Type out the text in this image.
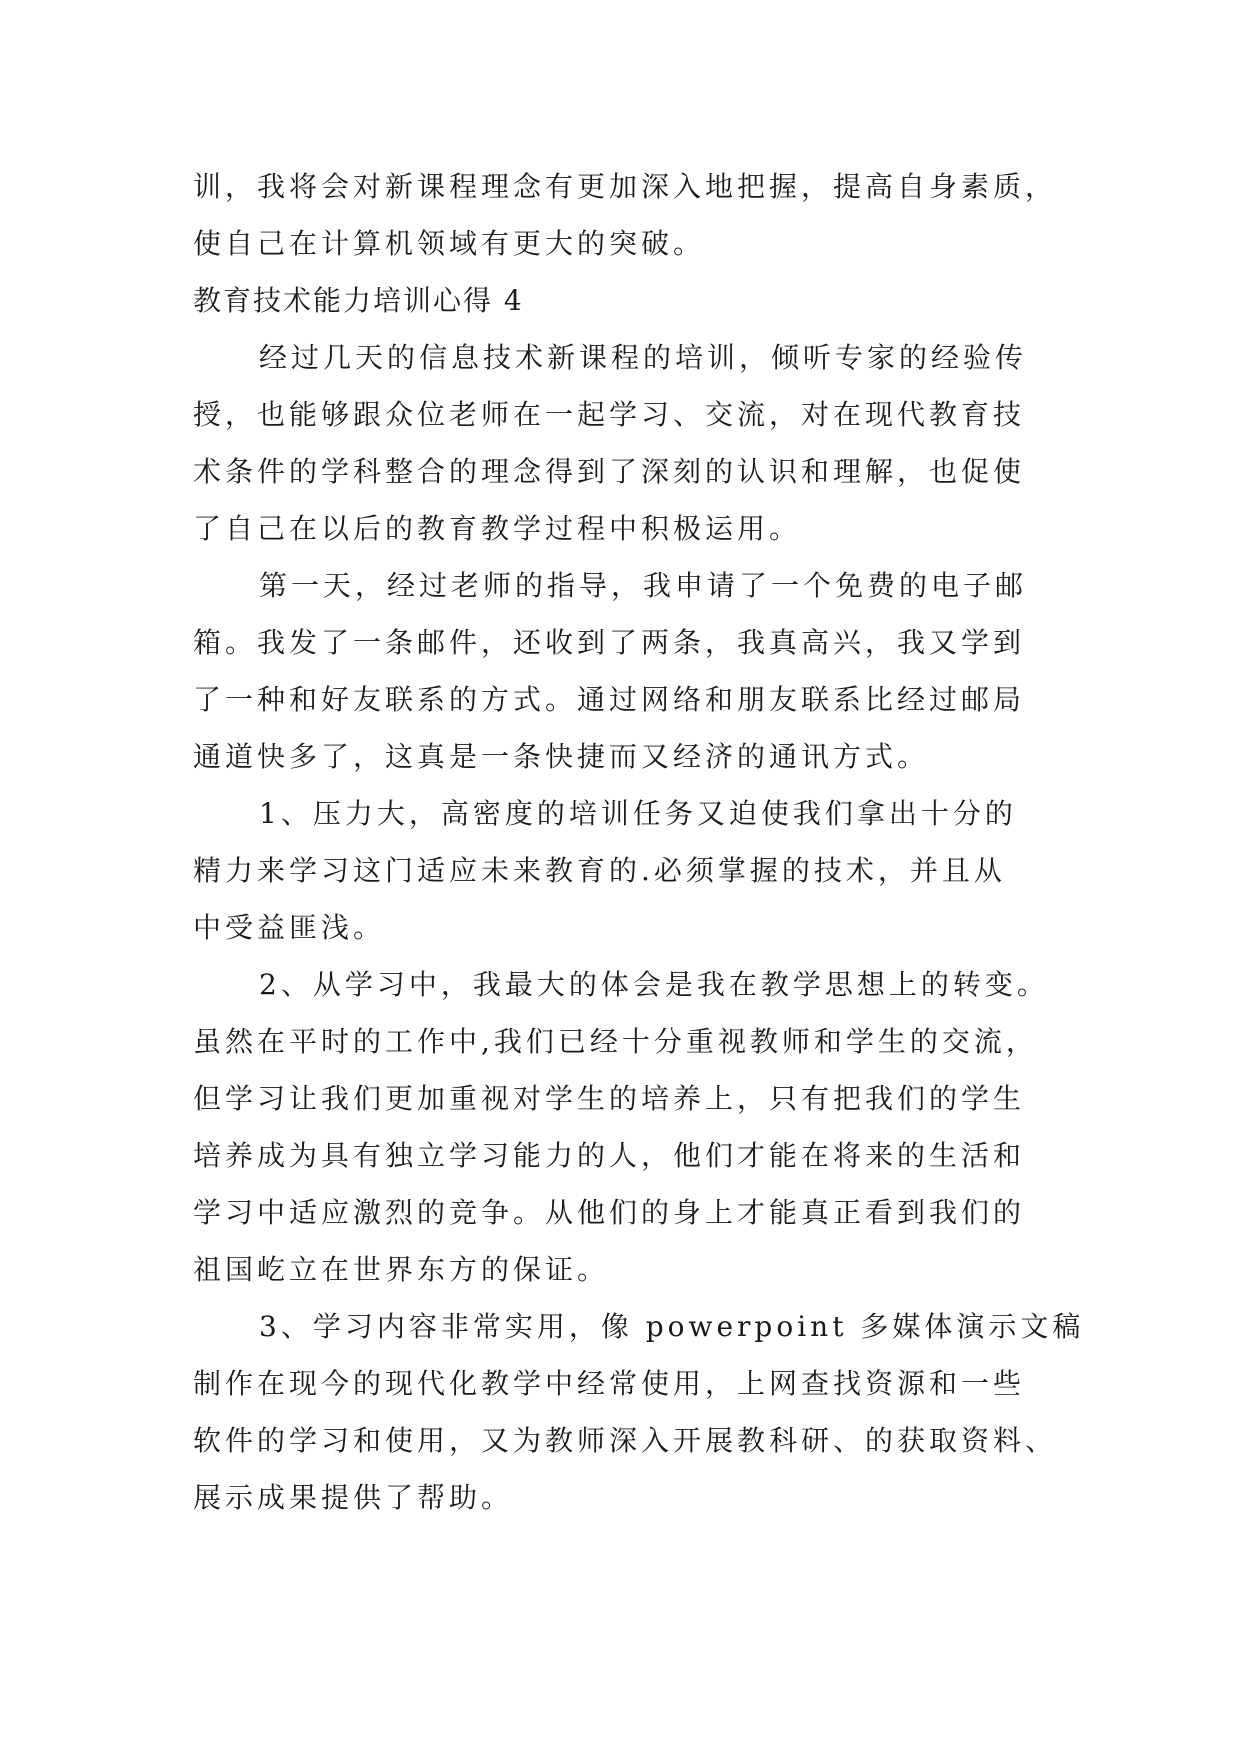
训，我将会对新课程理念有更加深入地把握，提高自身素质，
使自己在计算机领域有更大的突破。
教育技术能力培训心得 4
经过几天的信息技术新课程的培训，倾听专家的经验传
授，也能够跟众位老师在一起学习、交流，对在现代教育技
术条件的学科整合的理念得到了深刻的认识和理解，也促使
了自己在以后的教育教学过程中积极运用。
第一天，经过老师的指导，我申请了一个免费的电子邮
箱。我发了一条邮件，还收到了两条，我真高兴，我又学到
了一种和好友联系的方式。通过网络和朋友联系比经过邮局
通道快多了，这真是一条快捷而又经济的通讯方式。
1、压力大，高密度的培训任务又迫使我们拿出十分的
精力来学习这门适应未来教育的.必须掌握的技术，并且从
中受益匪浅。
2、从学习中，我最大的体会是我在教学思想上的转变。
虽然在平时的工作中,我们已经十分重视教师和学生的交流，
但学习让我们更加重视对学生的培养上，只有把我们的学生
培养成为具有独立学习能力的人，他们才能在将来的生活和
学习中适应激烈的竞争。从他们的身上才能真正看到我们的
祖国屹立在世界东方的保证。
3、学习内容非常实用，像 powerpoint 多媒体演示文稿
制作在现今的现代化教学中经常使用，上网查找资源和一些
软件的学习和使用，又为教师深入开展教科研、的获取资料、
展示成果提供了帮助。
